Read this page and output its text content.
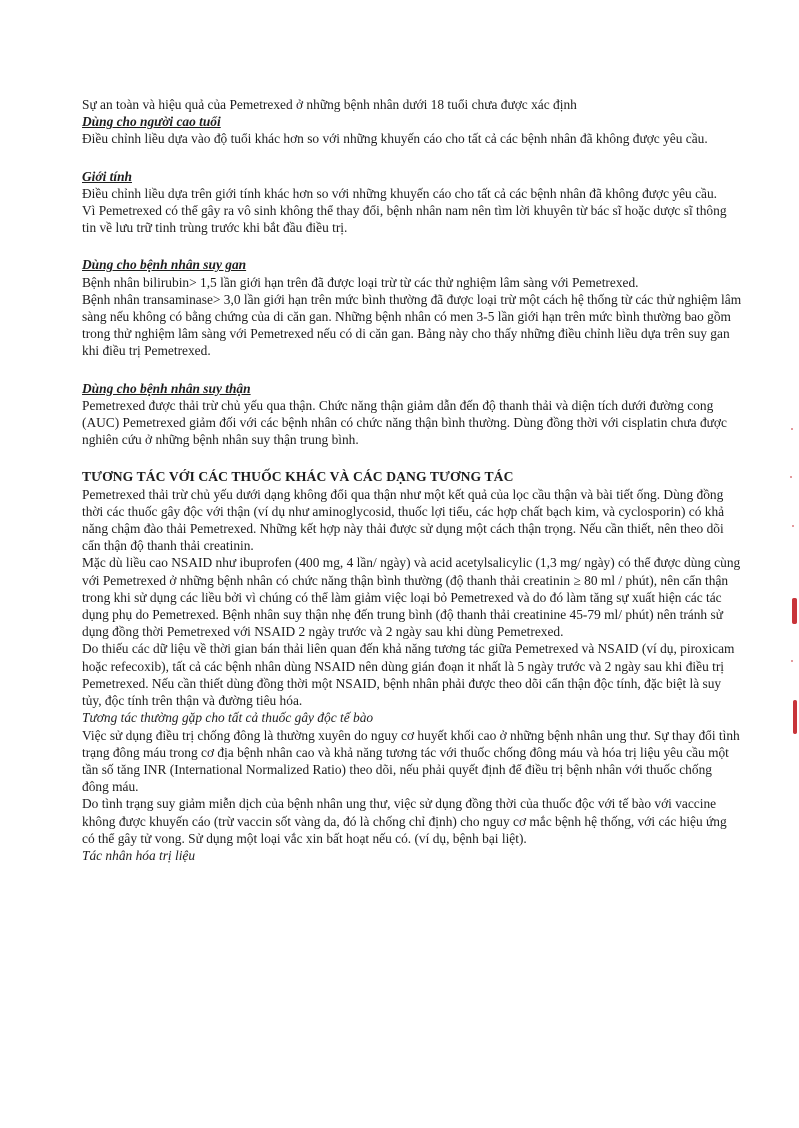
Sự an toàn và hiệu quả của Pemetrexed ở những bệnh nhân dưới 18 tuổi chưa được xác định

Dùng cho người cao tuổi

Điều chỉnh liều dựa vào độ tuổi khác hơn so với những khuyến cáo cho tất cả các bệnh nhân đã không được yêu cầu.

Giới tính

Điều chỉnh liều dựa trên giới tính khác hơn so với những khuyến cáo cho tất cả các bệnh nhân đã không được yêu cầu.

Vì Pemetrexed có thể gây ra vô sinh không thể thay đổi, bệnh nhân nam nên tìm lời khuyên từ bác sĩ hoặc dược sĩ thông tin về lưu trữ tinh trùng trước khi bắt đầu điều trị.

Dùng cho bệnh nhân suy gan

Bệnh nhân bilirubin> 1,5 lần giới hạn trên đã được loại trừ từ các thử nghiệm lâm sàng với Pemetrexed.

Bệnh nhân transaminase> 3,0 lần giới hạn trên mức bình thường đã được loại trừ một cách hệ thống từ các thử nghiệm lâm sàng nếu không có bằng chứng của di căn gan. Những bệnh nhân có men 3-5 lần giới hạn trên mức bình thường bao gồm trong thử nghiệm lâm sàng với Pemetrexed nếu có di căn gan. Bảng này cho thấy những điều chỉnh liều dựa trên suy gan khi điều trị Pemetrexed.

Dùng cho bệnh nhân suy thận

Pemetrexed được thải trừ chủ yếu qua thận. Chức năng thận giảm dẫn đến độ thanh thải và diện tích dưới đường cong (AUC) Pemetrexed giảm đối với các bệnh nhân có chức năng thận bình thường. Dùng đồng thời với cisplatin chưa được nghiên cứu ở những bệnh nhân suy thận trung bình.

TƯƠNG TÁC VỚI CÁC THUỐC KHÁC VÀ CÁC DẠNG TƯƠNG TÁC

Pemetrexed thải trừ chủ yếu dưới dạng không đổi qua thận như một kết quả của lọc cầu thận và bài tiết ống. Dùng đồng thời các thuốc gây độc với thận (ví dụ như aminoglycosid, thuốc lợi tiểu, các hợp chất bạch kim, và cyclosporin) có khả năng chậm đào thải Pemetrexed. Những kết hợp này thải được sử dụng một cách thận trọng. Nếu cần thiết, nên theo dõi cẩn thận độ thanh thải creatinin.

Mặc dù liều cao NSAID như ibuprofen (400 mg, 4 lần/ ngày) và acid acetylsalicylic (1,3 mg/ ngày) có thể được dùng cùng với Pemetrexed ở những bệnh nhân có chức năng thận bình thường (độ thanh thải creatinin ≥ 80 ml / phút), nên cẩn thận trong khi sử dụng các liều bởi vì chúng có thể làm giảm việc loại bỏ Pemetrexed và do đó làm tăng sự xuất hiện các tác dụng phụ do Pemetrexed. Bệnh nhân suy thận nhẹ đến trung bình (độ thanh thải creatinine 45-79 ml/ phút) nên tránh sử dụng đồng thời Pemetrexed với NSAID 2 ngày trước và 2 ngày sau khi dùng Pemetrexed.

Do thiếu các dữ liệu về thời gian bán thải liên quan đến khả năng tương tác giữa Pemetrexed và NSAID (ví dụ, piroxicam hoặc refecoxib), tất cả các bệnh nhân dùng NSAID nên dùng gián đoạn it nhất là 5 ngày trước và 2 ngày sau khi điều trị Pemetrexed. Nếu cần thiết dùng đồng thời một NSAID, bệnh nhân phải được theo dõi cẩn thận độc tính, đặc biệt là suy tủy, độc tính trên thận và đường tiêu hóa.

Tương tác thường gặp cho tất cả thuốc gây độc tế bào

Việc sử dụng điều trị chống đông là thường xuyên do nguy cơ huyết khối cao ở những bệnh nhân ung thư. Sự thay đổi tình trạng đông máu trong cơ địa bệnh nhân cao và khả năng tương tác với thuốc chống đông máu và hóa trị liệu yêu cầu một tần số tăng INR (International Normalized Ratio) theo dõi, nếu phải quyết định để điều trị bệnh nhân với thuốc chống đông máu.

Do tình trạng suy giảm miễn dịch của bệnh nhân ung thư, việc sử dụng đồng thời của thuốc độc với tế bào với vaccine không được khuyến cáo (trừ vaccin sốt vàng da, đó là chống chỉ định) cho nguy cơ mắc bệnh hệ thống, với các hiệu ứng có thể gây tử vong. Sử dụng một loại vắc xin bất hoạt nếu có. (ví dụ, bệnh bại liệt).

Tác nhân hóa trị liệu
